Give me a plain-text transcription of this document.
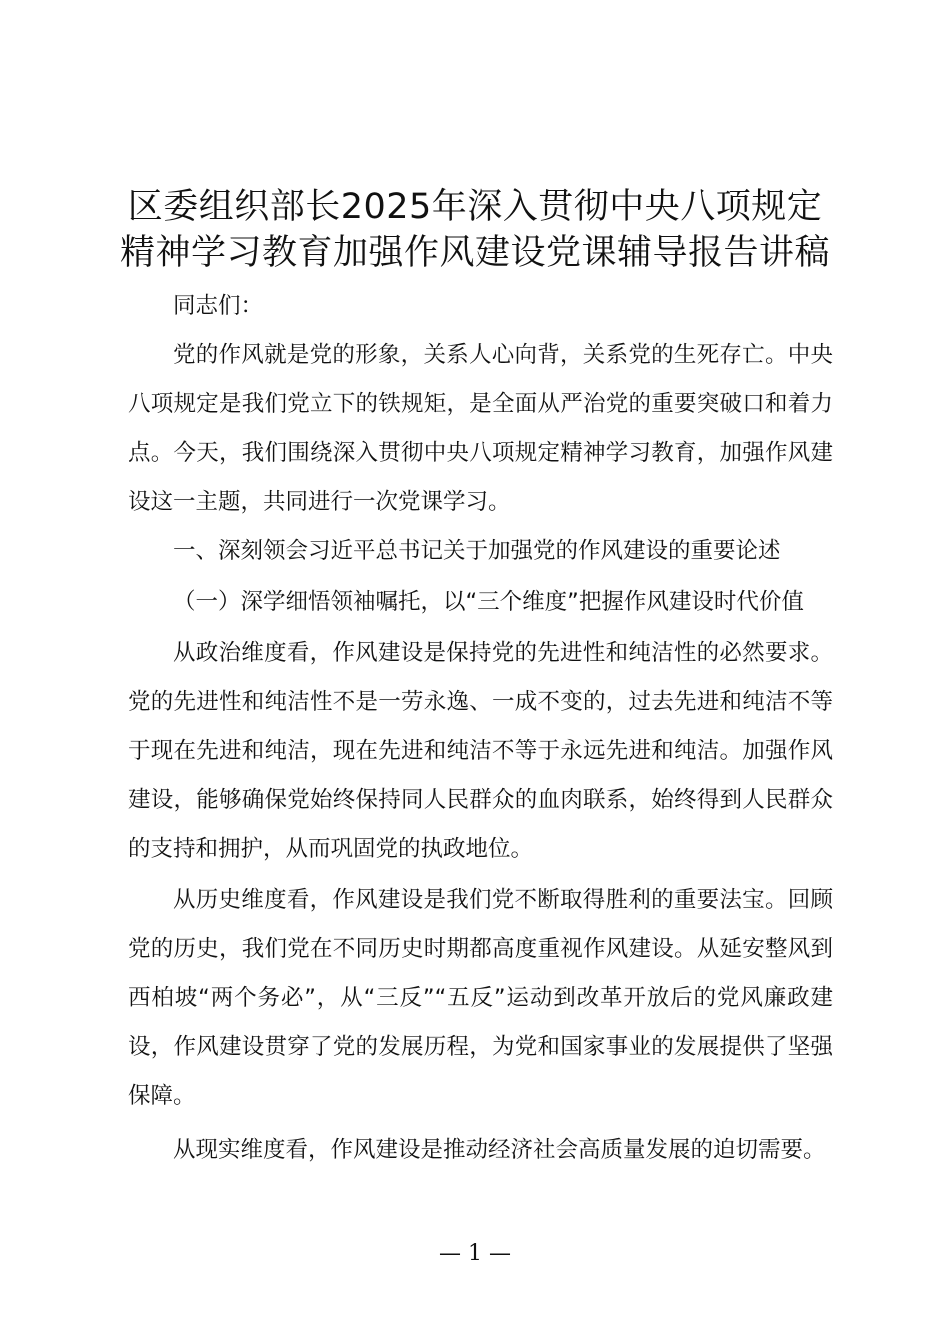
区委组织部长2025年深入贯彻中央八项规定
精神学习教育加强作风建设党课辅导报告讲稿

同志们：

党的作风就是党的形象，关系人心向背，关系党的生死存亡。中央八项规定是我们党立下的铁规矩，是全面从严治党的重要突破口和着力点。今天，我们围绕深入贯彻中央八项规定精神学习教育，加强作风建设这一主题，共同进行一次党课学习。

一、深刻领会习近平总书记关于加强党的作风建设的重要论述

（一）深学细悟领袖嘱托，以“三个维度”把握作风建设时代价值

从政治维度看，作风建设是保持党的先进性和纯洁性的必然要求。党的先进性和纯洁性不是一劳永逸、一成不变的，过去先进和纯洁不等于现在先进和纯洁，现在先进和纯洁不等于永远先进和纯洁。加强作风建设，能够确保党始终保持同人民群众的血肉联系，始终得到人民群众的支持和拥护，从而巩固党的执政地位。

从历史维度看，作风建设是我们党不断取得胜利的重要法宝。回顾党的历史，我们党在不同历史时期都高度重视作风建设。从延安整风到西柏坡“两个务必”，从“三反”“五反”运动到改革开放后的党风廉政建设，作风建设贯穿了党的发展历程，为党和国家事业的发展提供了坚强保障。

从现实维度看，作风建设是推动经济社会高质量发展的迫切需要。

— 1 —
